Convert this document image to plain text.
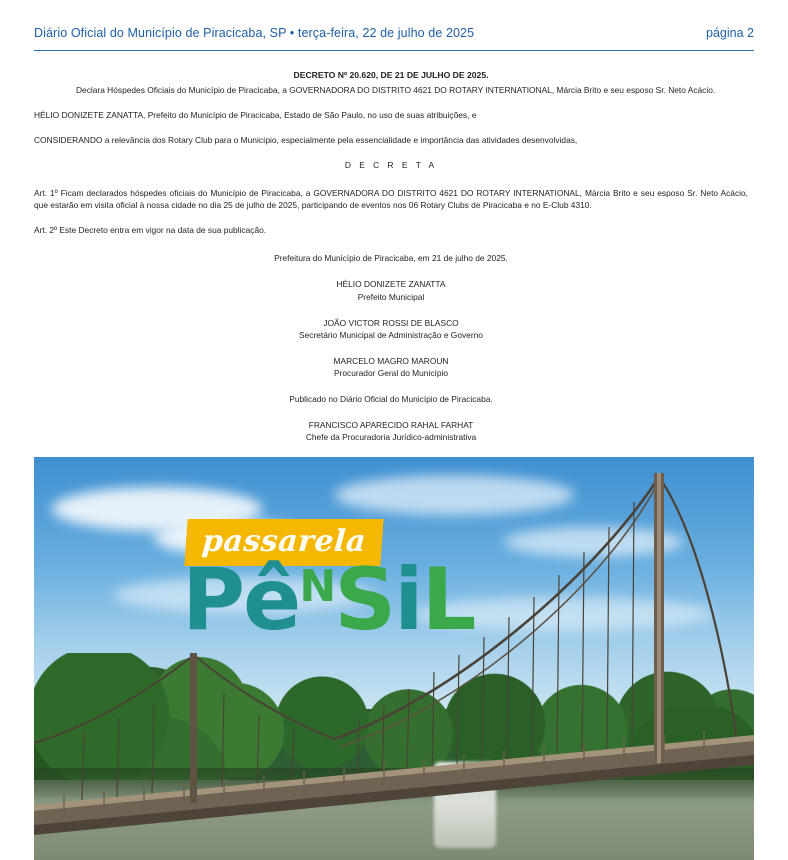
Diário Oficial do Município de Piracicaba, SP • terça-feira, 22 de julho de 2025	página 2
DECRETO Nº 20.620, DE 21 DE JULHO DE 2025.
Declara Hóspedes Oficiais do Município de Piracicaba, a GOVERNADORA DO DISTRITO 4621 DO ROTARY INTERNATIONAL, Márcia Brito e seu esposo Sr. Neto Acácio.

HÉLIO DONIZETE ZANATTA, Prefeito do Município de Piracicaba, Estado de São Paulo, no uso de suas atribuições, e

CONSIDERANDO a relevância dos Rotary Club para o Município, especialmente pela essencialidade e importância das atividades desenvolvidas,

D E C R E T A

Art. 1º Ficam declarados hóspedes oficiais do Município de Piracicaba, a GOVERNADORA DO DISTRITO 4621 DO ROTARY INTERNATIONAL, Márcia Brito e seu esposo Sr. Neto Acácio, que estarão em visita oficial à nossa cidade no dia 25 de julho de 2025, participando de eventos nos 06 Rotary Clubs de Piracicaba e no E-Club 4310.

Art. 2º Este Decreto entra em vigor na data de sua publicação.

Prefeitura do Município de Piracicaba, em 21 de julho de 2025.
HÉLIO DONIZETE ZANATTA
Prefeito Municipal
JOÃO VICTOR ROSSI DE BLASCO
Secretário Municipal de Administração e Governo
MARCELO MAGRO MAROUN
Procurador Geral do Município
Publicado no Diário Oficial do Município de Piracicaba.
FRANCISCO APARECIDO RAHAL FARHAT
Chefe da Procuradoria Jurídico-administrativa
passarela
$Pê^NSiL$
